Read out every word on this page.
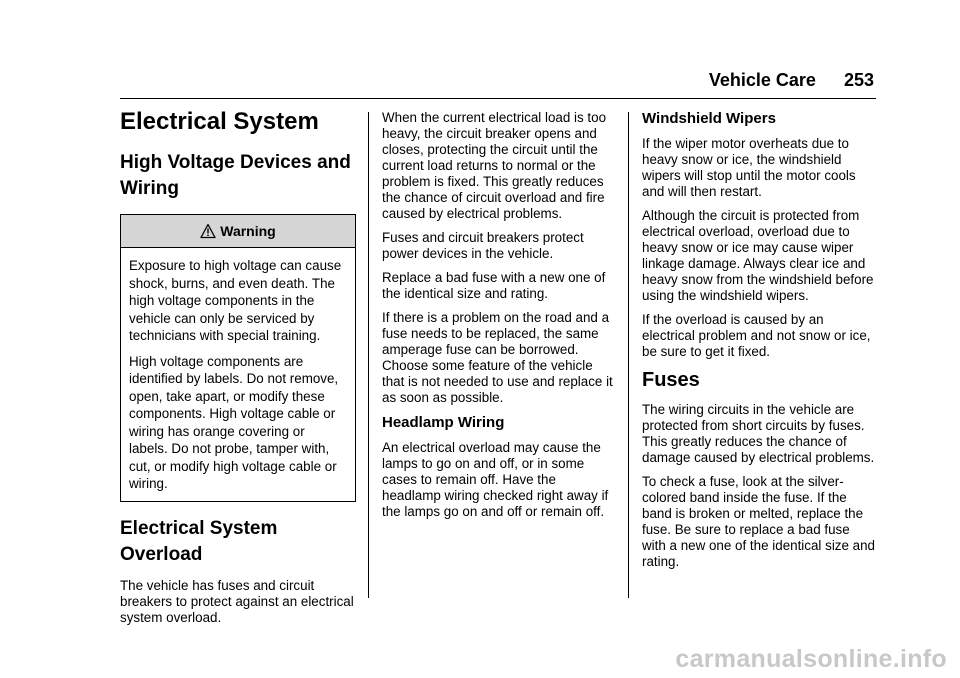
Vehicle Care 253
Electrical System
High Voltage Devices and Wiring
Warning

Exposure to high voltage can cause shock, burns, and even death. The high voltage components in the vehicle can only be serviced by technicians with special training.

High voltage components are identified by labels. Do not remove, open, take apart, or modify these components. High voltage cable or wiring has orange covering or labels. Do not probe, tamper with, cut, or modify high voltage cable or wiring.

Electrical System Overload

The vehicle has fuses and circuit breakers to protect against an electrical system overload.

When the current electrical load is too heavy, the circuit breaker opens and closes, protecting the circuit until the current load returns to normal or the problem is fixed. This greatly reduces the chance of circuit overload and fire caused by electrical problems.

Fuses and circuit breakers protect power devices in the vehicle.

Replace a bad fuse with a new one of the identical size and rating.

If there is a problem on the road and a fuse needs to be replaced, the same amperage fuse can be borrowed. Choose some feature of the vehicle that is not needed to use and replace it as soon as possible.

Headlamp Wiring

An electrical overload may cause the lamps to go on and off, or in some cases to remain off. Have the headlamp wiring checked right away if the lamps go on and off or remain off.

Windshield Wipers

If the wiper motor overheats due to heavy snow or ice, the windshield wipers will stop until the motor cools and will then restart.

Although the circuit is protected from electrical overload, overload due to heavy snow or ice may cause wiper linkage damage. Always clear ice and heavy snow from the windshield before using the windshield wipers.

If the overload is caused by an electrical problem and not snow or ice, be sure to get it fixed.

Fuses

The wiring circuits in the vehicle are protected from short circuits by fuses. This greatly reduces the chance of damage caused by electrical problems.

To check a fuse, look at the silver-colored band inside the fuse. If the band is broken or melted, replace the fuse. Be sure to replace a bad fuse with a new one of the identical size and rating.

carmanualsonline.info
